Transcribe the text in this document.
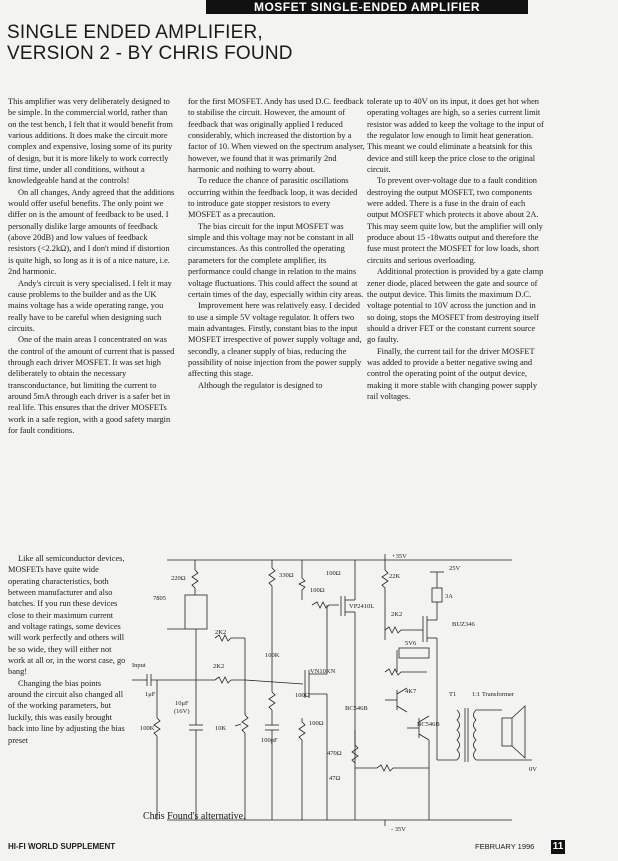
MOSFET SINGLE-ENDED AMPLIFIER
SINGLE ENDED AMPLIFIER,
VERSION 2 - BY CHRIS FOUND

This amplifier was very deliberately designed to be simple. In the commercial world, rather than on the test bench, I felt that it would benefit from various additions. It does make the circuit more complex and expensive, losing some of its purity of design, but it is more likely to work correctly first time, under all conditions, without a knowledgeable hand at the controls!

On all changes, Andy agreed that the additions would offer useful benefits. The only point we differ on is the amount of feedback to be used. I personally dislike large amounts of feedback (above 20dB) and low values of feedback resistors (<2.2kΩ), and I don't mind if distortion is quite high, so long as it is of a nice nature, i.e. 2nd harmonic.

Andy's circuit is very specialised. I felt it may cause problems to the builder and as the UK mains voltage has a wide operating range, you really have to be careful when designing such circuits.

One of the main areas I concentrated on was the control of the amount of current that is passed through each driver MOSFET. It was set high deliberately to obtain the necessary transconductance, but limiting the current to around 5mA through each driver is a safer bet in real life. This ensures that the driver MOSFETs work in a safe region, with a good safety margin for fault conditions.

Like all semiconductor devices, MOSFETs have quite wide operating characteristics, both between manufacturer and also batches. If you run these devices close to their maximum current and voltage ratings, some devices will work perfectly and others will be so wide, they will either not work at all or, in the worst case, go bang!

Changing the bias points around the circuit also changed all of the working parameters, but luckily, this was easily brought back into line by adjusting the bias preset

for the first MOSFET. Andy has used D.C. feedback to stabilise the circuit. However, the amount of feedback that was originally applied I reduced considerably, which increased the distortion by a factor of 10. When viewed on the spectrum analyser, however, we found that it was primarily 2nd harmonic and nothing to worry about.

To reduce the chance of parasitic oscillations occurring within the feedback loop, it was decided to introduce gate stopper resistors to every MOSFET as a precaution.

The bias circuit for the input MOSFET was simple and this voltage may not be constant in all circumstances. As this controlled the operating parameters for the complete amplifier, its performance could change in relation to the mains voltage fluctuations. This could affect the sound at certain times of the day, especially within city areas.

Improvement here was relatively easy. I decided to use a simple 5V voltage regulator. It offers two main advantages. Firstly, constant bias to the input MOSFET irrespective of power supply voltage and, secondly, a cleaner supply of bias, reducing the possibility of noise injection from the power supply affecting this stage.

Although the regulator is designed to

tolerate up to 40V on its input, it does get hot when operating voltages are high, so a series current limit resistor was added to keep the voltage to the input of the regulator low enough to limit heat generation. This meant we could eliminate a heatsink for this device and still keep the price close to the original circuit.

To prevent over-voltage due to a fault condition destroying the output MOSFET, two components were added. There is a fuse in the drain of each output MOSFET which protects it above about 2A. This may seem quite low, but the amplifier will only produce about 15 -18watts output and therefore the fuse must protect the MOSFET for low loads, short circuits and serious overloading.

Additional protection is provided by a gate clamp zener diode, placed between the gate and source of the output device. This limits the maximum D.C. voltage potential to 10V across the junction and in so doing, stops the MOSFET from destroying itself should a driver FET or the constant current source go faulty.

Finally, the current tail for the driver MOSFET was added to provide a better negative swing and control the operating point of the output device, making it more stable with changing power supply rail voltages.

+35V
- 35V
25V
0V
3A
BUZ346
220Ω
7805
330Ω	100Ω
100Ω
22K
VP2410L
2K2
2K2
2K2
100K
VN10KN
5V6
Input
1μF
10μF
(16V)
100K	10K
100pF
100Ω
100Ω
BC546B
BC546B
4K7
470Ω
47Ω
T1 1:1 Transformer
Chris Found's alternative.
HI-FI WORLD SUPPLEMENT	FEBRUARY 1996 11
